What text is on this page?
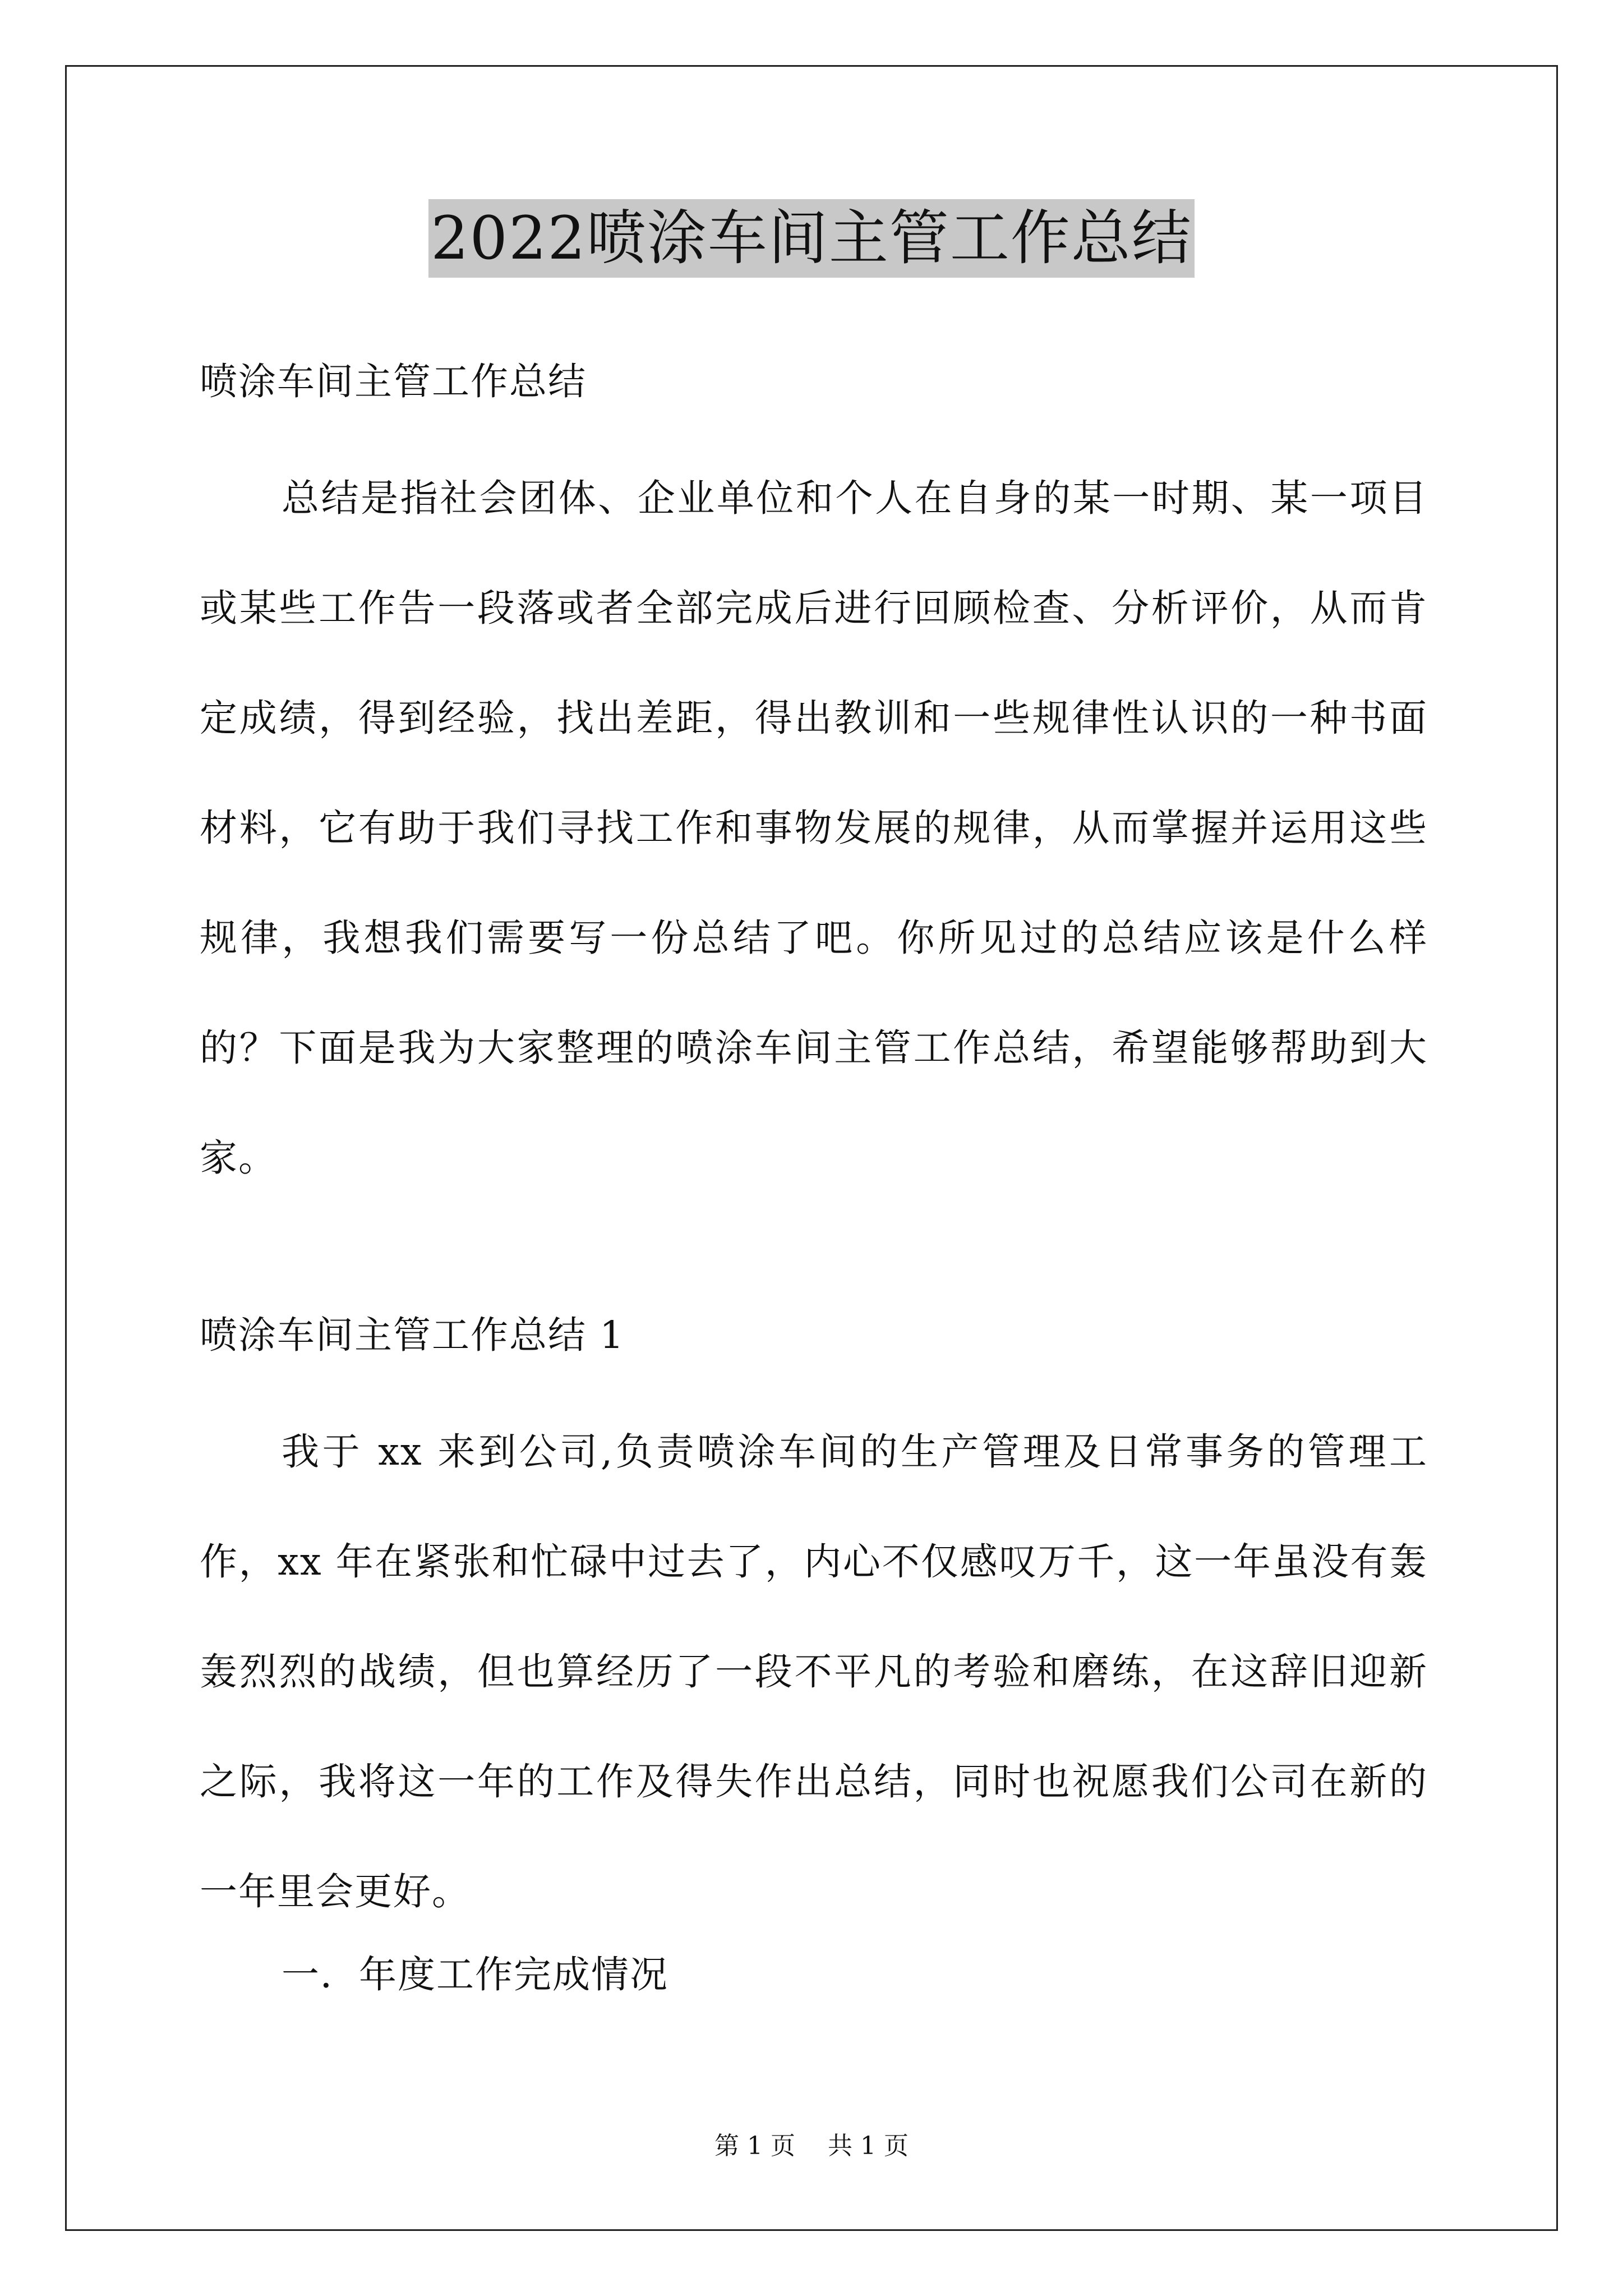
2022喷涂车间主管工作总结
喷涂车间主管工作总结

总结是指社会团体、企业单位和个人在自身的某一时期、某一项目或某些工作告一段落或者全部完成后进行回顾检查、分析评价，从而肯定成绩，得到经验，找出差距，得出教训和一些规律性认识的一种书面材料，它有助于我们寻找工作和事物发展的规律，从而掌握并运用这些规律，我想我们需要写一份总结了吧。你所见过的总结应该是什么样的？下面是我为大家整理的喷涂车间主管工作总结，希望能够帮助到大家。

喷涂车间主管工作总结 1

我于 xx 来到公司,负责喷涂车间的生产管理及日常事务的管理工作，xx 年在紧张和忙碌中过去了，内心不仅感叹万千，这一年虽没有轰轰烈烈的战绩，但也算经历了一段不平凡的考验和磨练，在这辞旧迎新之际，我将这一年的工作及得失作出总结，同时也祝愿我们公司在新的一年里会更好。

一．年度工作完成情况
第 1 页 共 1 页
